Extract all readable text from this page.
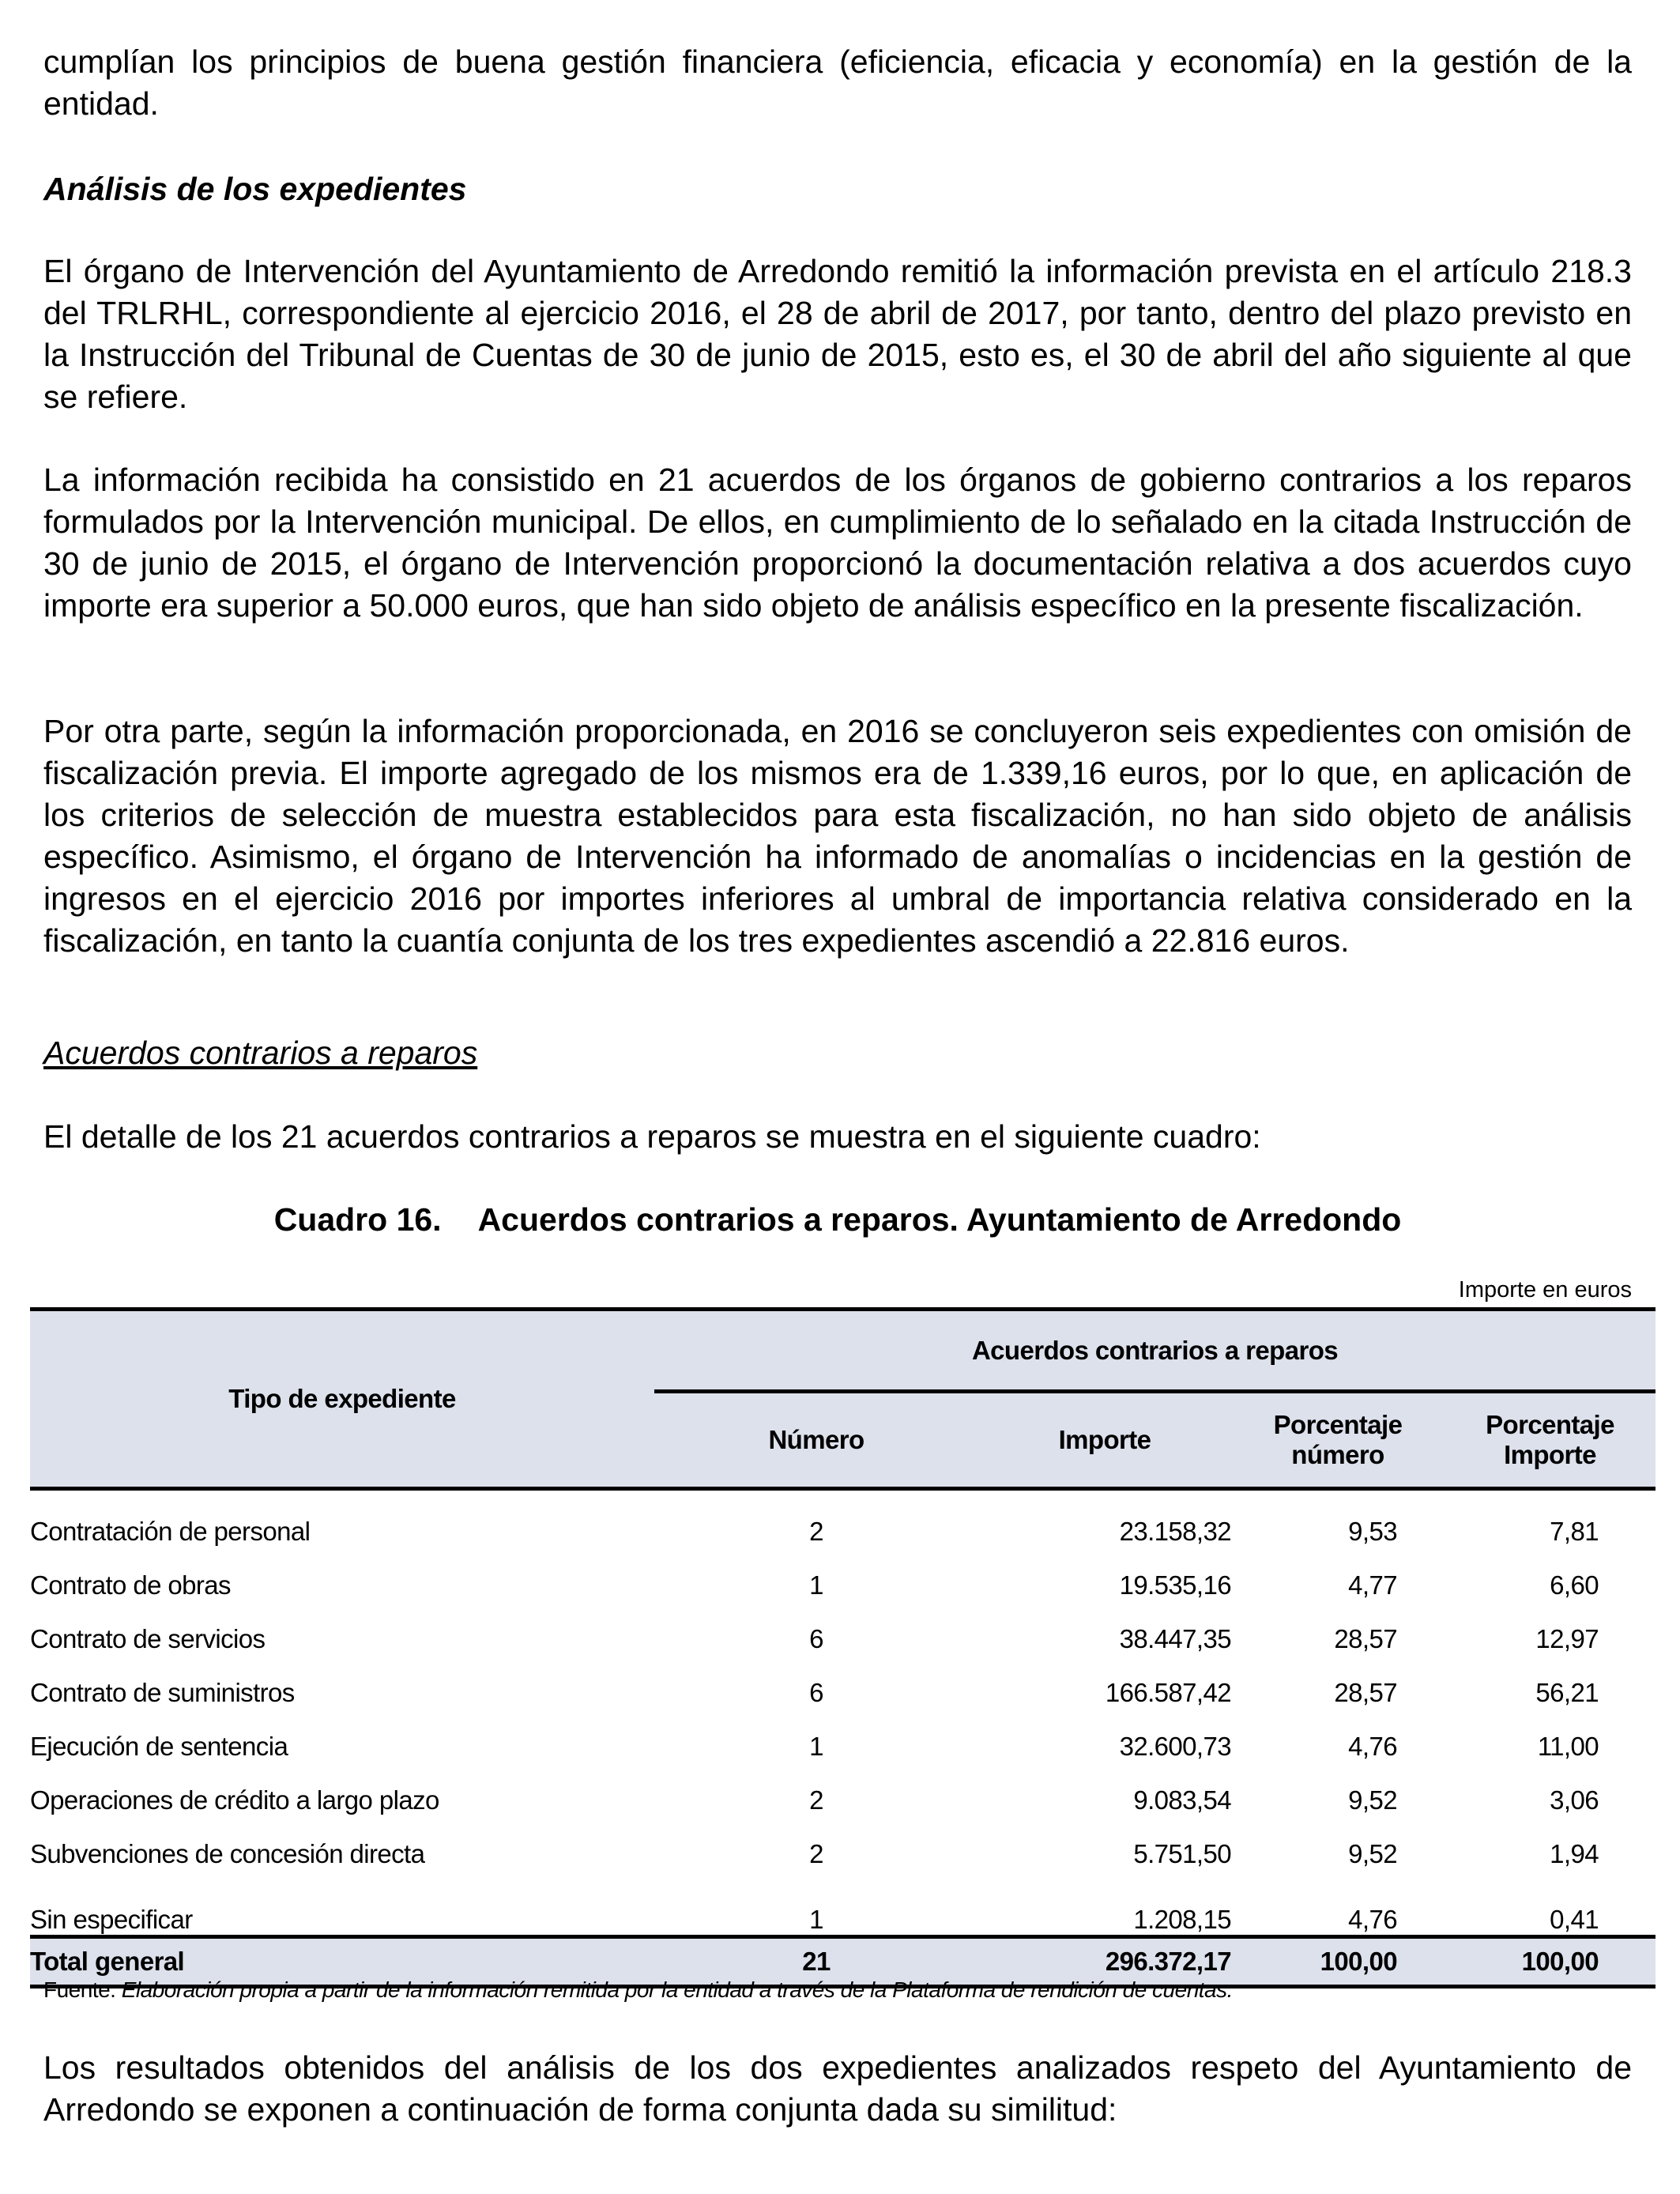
cumplían los principios de buena gestión financiera (eficiencia, eficacia y economía) en la gestión de la entidad.

Análisis de los expedientes

El órgano de Intervención del Ayuntamiento de Arredondo remitió la información prevista en el artículo 218.3 del TRLRHL, correspondiente al ejercicio 2016, el 28 de abril de 2017, por tanto, dentro del plazo previsto en la Instrucción del Tribunal de Cuentas de 30 de junio de 2015, esto es, el 30 de abril del año siguiente al que se refiere.

La información recibida ha consistido en 21 acuerdos de los órganos de gobierno contrarios a los reparos formulados por la Intervención municipal. De ellos, en cumplimiento de lo señalado en la citada Instrucción de 30 de junio de 2015, el órgano de Intervención proporcionó la documentación relativa a dos acuerdos cuyo importe era superior a 50.000 euros, que han sido objeto de análisis específico en la presente fiscalización.

Por otra parte, según la información proporcionada, en 2016 se concluyeron seis expedientes con omisión de fiscalización previa. El importe agregado de los mismos era de 1.339,16 euros, por lo que, en aplicación de los criterios de selección de muestra establecidos para esta fiscalización, no han sido objeto de análisis específico. Asimismo, el órgano de Intervención ha informado de anomalías o incidencias en la gestión de ingresos en el ejercicio 2016 por importes inferiores al umbral de importancia relativa considerado en la fiscalización, en tanto la cuantía conjunta de los tres expedientes ascendió a 22.816 euros.

Acuerdos contrarios a reparos

El detalle de los 21 acuerdos contrarios a reparos se muestra en el siguiente cuadro:

Cuadro 16. Acuerdos contrarios a reparos. Ayuntamiento de Arredondo

Importe en euros
Tipo de expediente	Acuerdos contrarios a reparos			
	Número	Importe	Porcentaje número	Porcentaje Importe

Contratación de personal	2	23.158,32	9,53	7,81
Contrato de obras	1	19.535,16	4,77	6,60
Contrato de servicios	6	38.447,35	28,57	12,97
Contrato de suministros	6	166.587,42	28,57	56,21
Ejecución de sentencia	1	32.600,73	4,76	11,00
Operaciones de crédito a largo plazo	2	9.083,54	9,52	3,06
Subvenciones de concesión directa	2	5.751,50	9,52	1,94
Sin especificar	1	1.208,15	4,76	0,41
Total general	21	296.372,17	100,00	100,00

Fuente: Elaboración propia a partir de la información remitida por la entidad a través de la Plataforma de rendición de cuentas.

Los resultados obtenidos del análisis de los dos expedientes analizados respeto del Ayuntamiento de Arredondo se exponen a continuación de forma conjunta dada su similitud:
